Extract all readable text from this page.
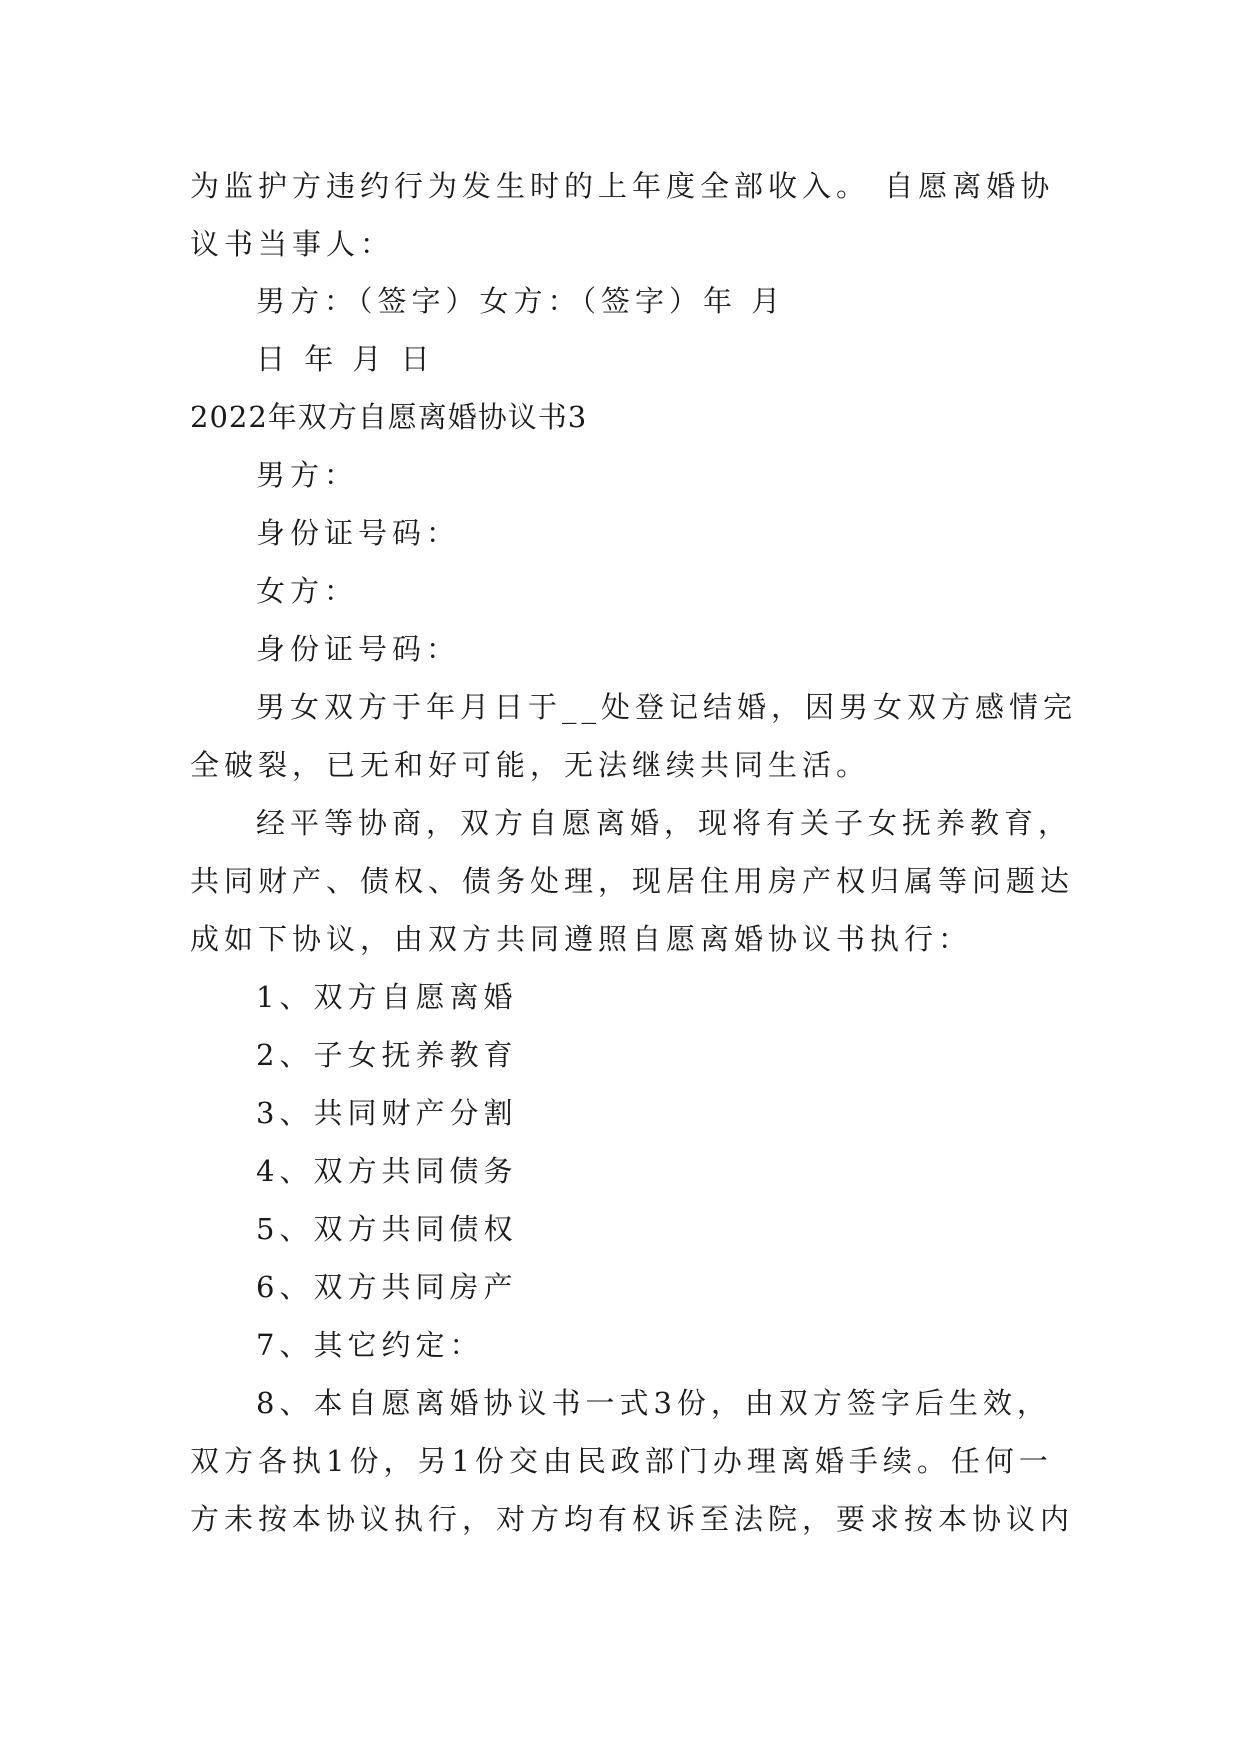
为监护方违约行为发生时的上年度全部收入。 自愿离婚协
议书当事人：
男方：（签字）女方：（签字）年 月
日 年 月 日
2022年双方自愿离婚协议书3
男方：
身份证号码：
女方：
身份证号码：
男女双方于年月日于__处登记结婚，因男女双方感情完
全破裂，已无和好可能，无法继续共同生活。
经平等协商，双方自愿离婚，现将有关子女抚养教育，
共同财产、债权、债务处理，现居住用房产权归属等问题达
成如下协议，由双方共同遵照自愿离婚协议书执行：
1、双方自愿离婚
2、子女抚养教育
3、共同财产分割
4、双方共同债务
5、双方共同债权
6、双方共同房产
7、其它约定：
8、本自愿离婚协议书一式3份，由双方签字后生效，
双方各执1份，另1份交由民政部门办理离婚手续。任何一
方未按本协议执行，对方均有权诉至法院，要求按本协议内
